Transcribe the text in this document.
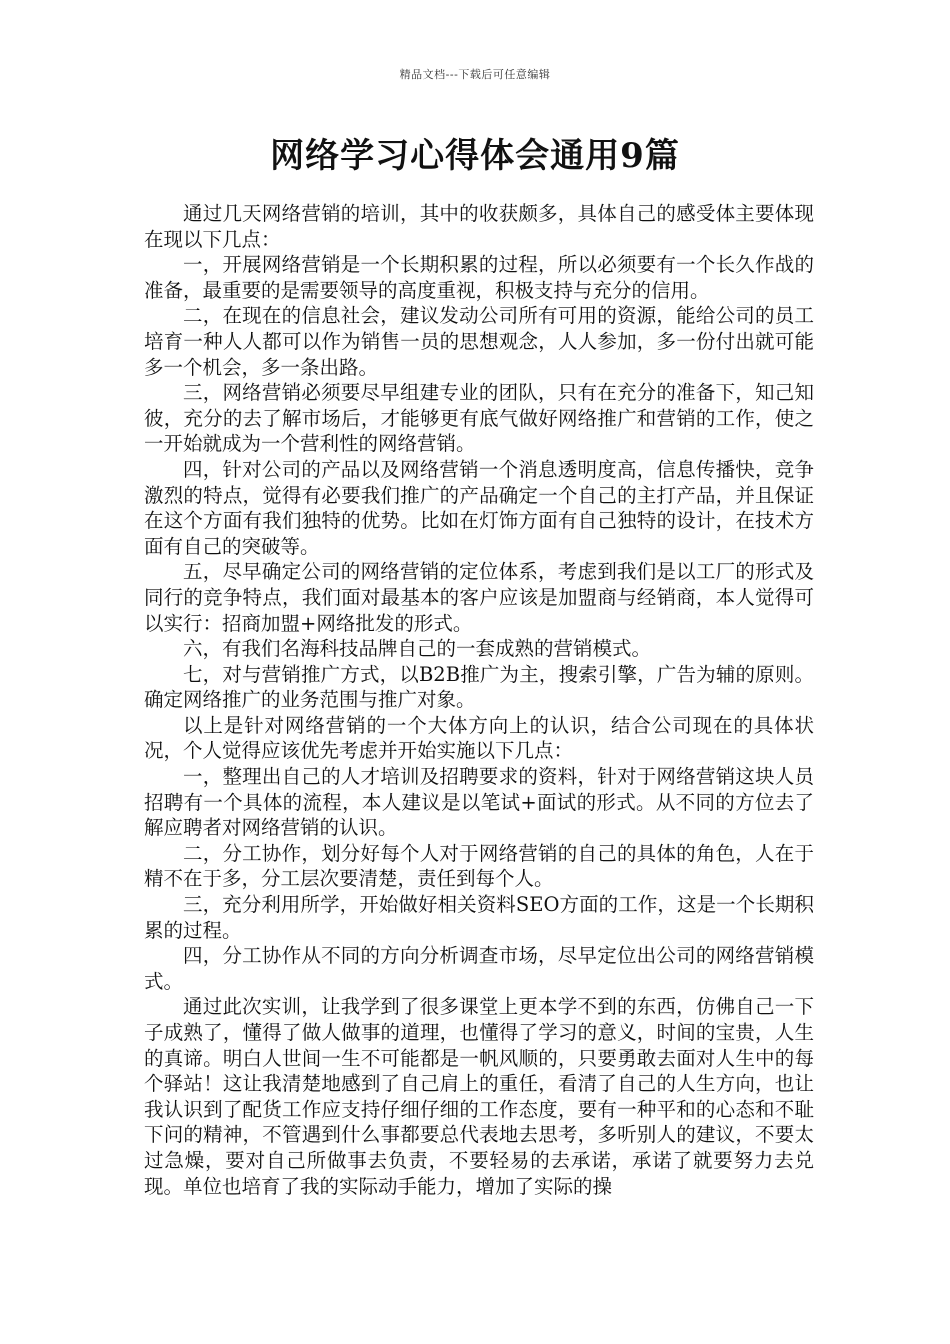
精品文档---下载后可任意编辑
网络学习心得体会通用9篇

通过几天网络营销的培训，其中的收获颇多，具体自己的感受体主要体现在现以下几点：

一，开展网络营销是一个长期积累的过程，所以必须要有一个长久作战的准备，最重要的是需要领导的高度重视，积极支持与充分的信用。

二，在现在的信息社会，建议发动公司所有可用的资源，能给公司的员工培育一种人人都可以作为销售一员的思想观念，人人参加，多一份付出就可能多一个机会，多一条出路。

三，网络营销必须要尽早组建专业的团队，只有在充分的准备下，知己知彼，充分的去了解市场后，才能够更有底气做好网络推广和营销的工作，使之一开始就成为一个营利性的网络营销。

四，针对公司的产品以及网络营销一个消息透明度高，信息传播快，竞争激烈的特点，觉得有必要我们推广的产品确定一个自己的主打产品，并且保证在这个方面有我们独特的优势。比如在灯饰方面有自己独特的设计，在技术方面有自己的突破等。

五，尽早确定公司的网络营销的定位体系，考虑到我们是以工厂的形式及同行的竞争特点，我们面对最基本的客户应该是加盟商与经销商，本人觉得可以实行：招商加盟+网络批发的形式。

六，有我们名海科技品牌自己的一套成熟的营销模式。

七，对与营销推广方式，以B2B推广为主，搜索引擎，广告为辅的原则。确定网络推广的业务范围与推广对象。

以上是针对网络营销的一个大体方向上的认识，结合公司现在的具体状况，个人觉得应该优先考虑并开始实施以下几点：

一，整理出自己的人才培训及招聘要求的资料，针对于网络营销这块人员招聘有一个具体的流程，本人建议是以笔试+面试的形式。从不同的方位去了解应聘者对网络营销的认识。

二，分工协作，划分好每个人对于网络营销的自己的具体的角色，人在于精不在于多，分工层次要清楚，责任到每个人。

三，充分利用所学，开始做好相关资料SEO方面的工作，这是一个长期积累的过程。

四，分工协作从不同的方向分析调查市场，尽早定位出公司的网络营销模式。

通过此次实训，让我学到了很多课堂上更本学不到的东西，仿佛自己一下子成熟了，懂得了做人做事的道理，也懂得了学习的意义，时间的宝贵，人生的真谛。明白人世间一生不可能都是一帆风顺的，只要勇敢去面对人生中的每个驿站！这让我清楚地感到了自己肩上的重任，看清了自己的人生方向，也让我认识到了配货工作应支持仔细仔细的工作态度，要有一种平和的心态和不耻下问的精神，不管遇到什么事都要总代表地去思考，多听别人的建议，不要太过急燥，要对自己所做事去负责，不要轻易的去承诺，承诺了就要努力去兑现。单位也培育了我的实际动手能力，增加了实际的操
